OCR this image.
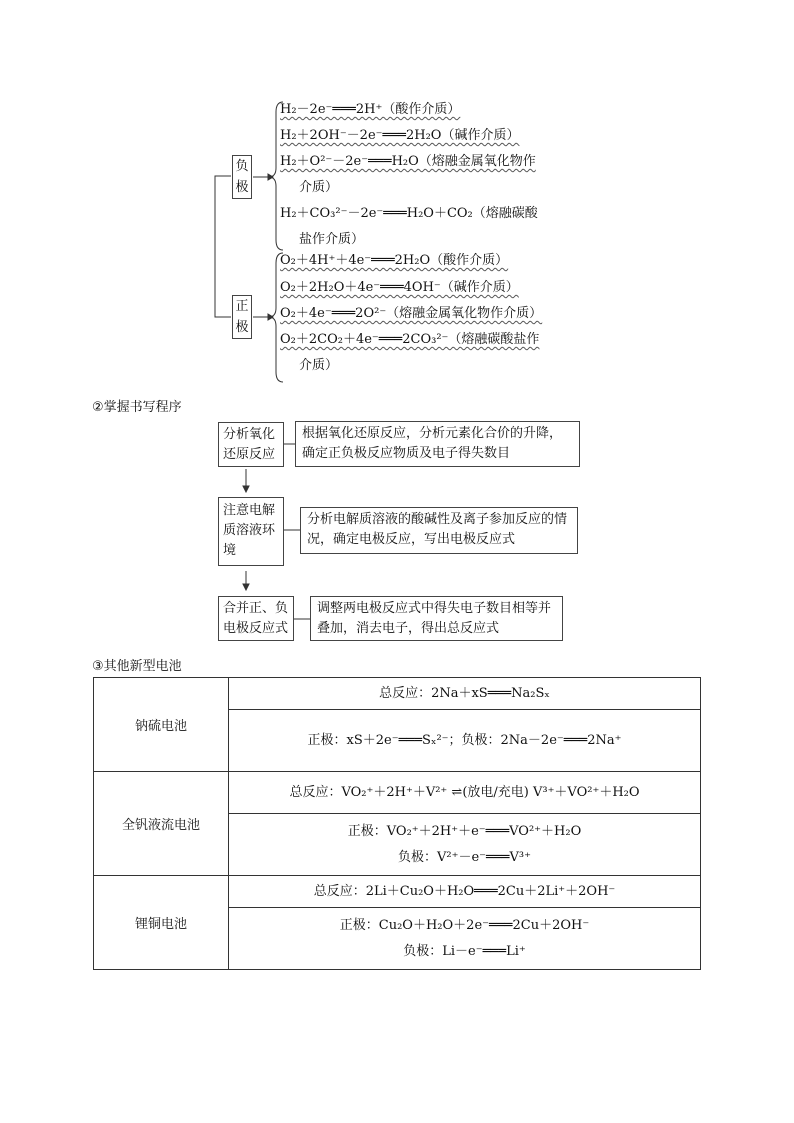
负
极
正
极
H₂－2e⁻═══2H⁺（酸作介质）
H₂＋2OH⁻－2e⁻═══2H₂O（碱作介质）
H₂＋O²⁻－2e⁻═══H₂O（熔融金属氧化物作
介质）
H₂＋CO₃²⁻－2e⁻═══H₂O＋CO₂（熔融碳酸
盐作介质）
O₂＋4H⁺＋4e⁻═══2H₂O（酸作介质）
O₂＋2H₂O＋4e⁻═══4OH⁻（碱作介质）
O₂＋4e⁻═══2O²⁻（熔融金属氧化物作介质）
O₂＋2CO₂＋4e⁻═══2CO₃²⁻（熔融碳酸盐作
介质）
②掌握书写程序
分析氧化
还原反应
根据氧化还原反应，分析元素化合价的升降，确定正负极反应物质及电子得失数目
注意电解
质溶液环
境
分析电解质溶液的酸碱性及离子参加反应的情况，确定电极反应，写出电极反应式
合并正、负
电极反应式
调整两电极反应式中得失电子数目相等并叠加，消去电子，得出总反应式
③其他新型电池
钠硫电池	总反应：2Na＋xS═══Na₂Sₓ

	正极：xS＋2e⁻═══Sₓ²⁻；负极：2Na－2e⁻═══2Na⁺

全钒液流电池	总反应：VO₂⁺＋2H⁺＋V²⁺ ⇌(放电/充电) V³⁺＋VO²⁺＋H₂O

	正极：VO₂⁺＋2H⁺＋e⁻═══VO²⁺＋H₂O
负极：V²⁺－e⁻═══V³⁺

锂铜电池	总反应：2Li＋Cu₂O＋H₂O═══2Cu＋2Li⁺＋2OH⁻

	正极：Cu₂O＋H₂O＋2e⁻═══2Cu＋2OH⁻
负极：Li－e⁻═══Li⁺
